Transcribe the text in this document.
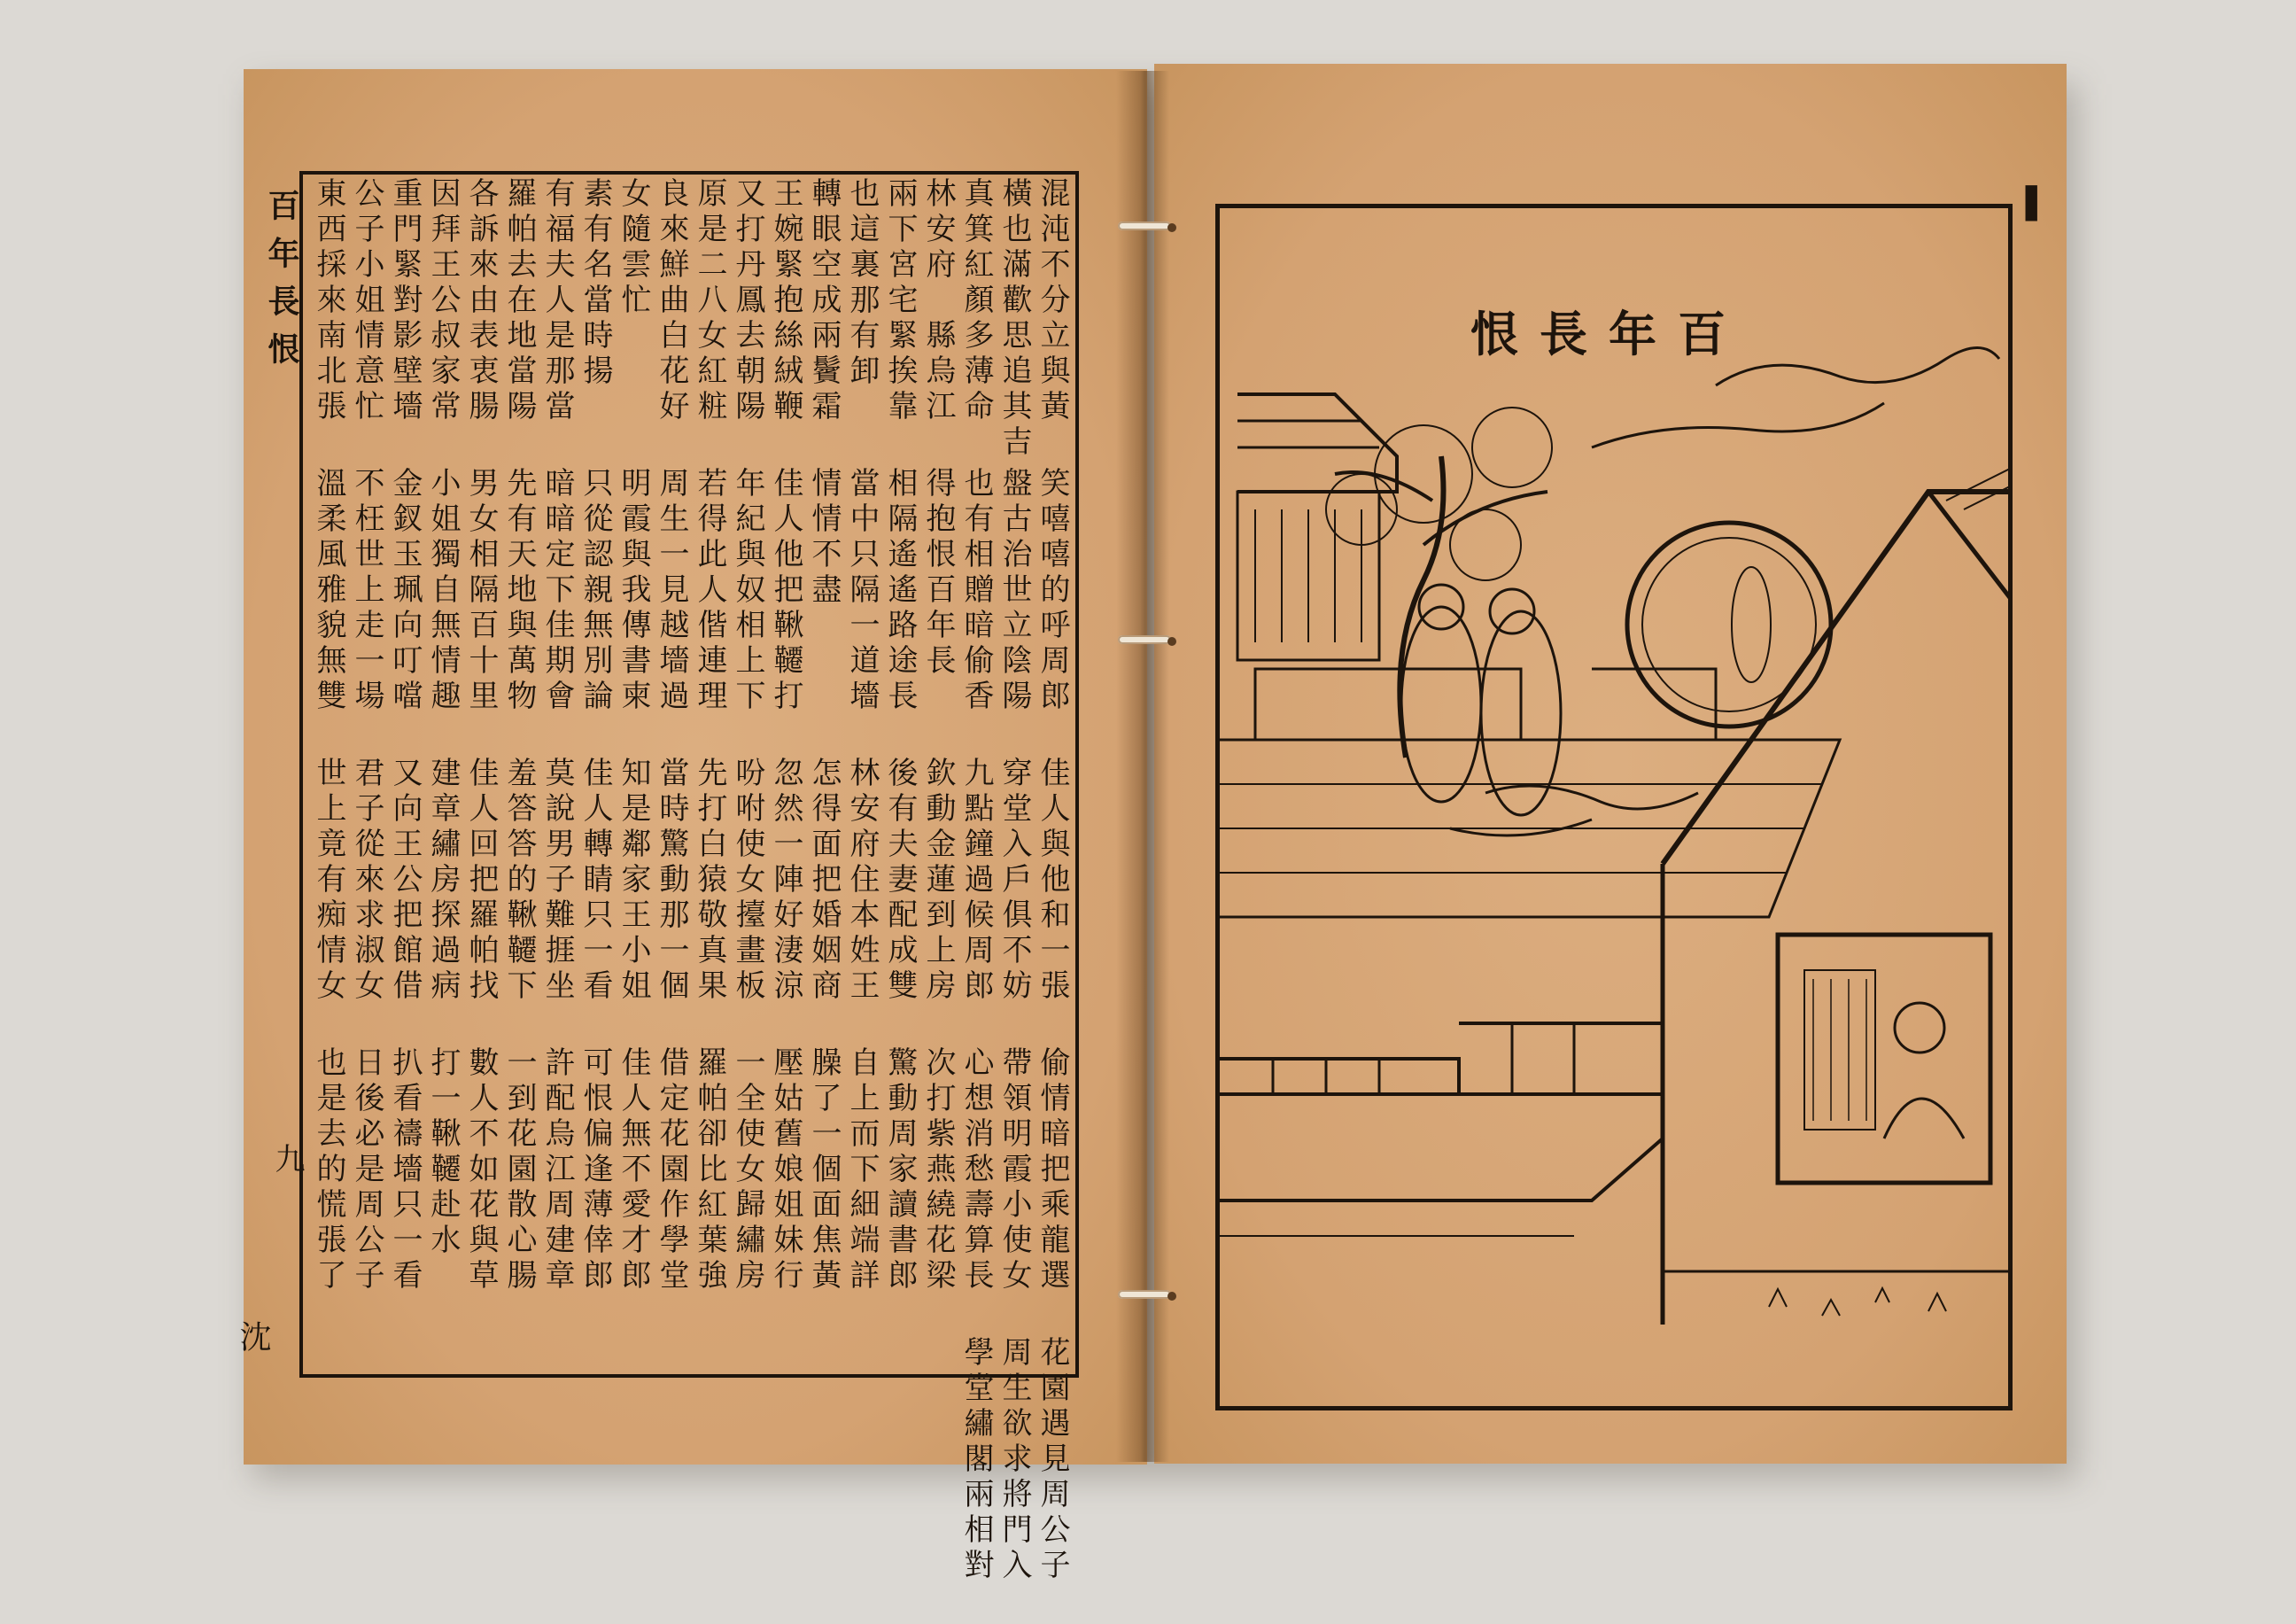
百年長恨
九
沈
混沌不分立與黃
橫也滿歡思追其吉
真箕紅顏多薄命
林安府　縣烏江
兩下宮宅緊挨靠
也這裏那有卸
轉眼空成兩鬢霜
王婉緊抱絲絨鞭
又打丹鳳去朝陽
原是二八女紅粧
良來鮮曲白花好
女隨雲忙
素有名當時揚
有福夫人是那當
羅帕去在地當陽
各訴來由表衷腸
因拜王公叔家常
重門緊對影壁墻
公子小姐情意忙
東西採來南北張
笑嘻嘻的呼周郎
盤古治世立陰陽
也有相贈暗偷香
得抱恨百年長
相隔遙遙路途長
當中只隔一道墻
情情不盡
佳人他把鞦韆打
年紀與奴相上下
若得此人偕連理
周生一見越墻過
明霞與我傳書柬
只從認親無別論
暗暗定下佳期會
先有天地與萬物
男女相隔百十里
小姐獨自無情趣
金釵玉珮向叮噹
不枉世上走一場
溫柔風雅貌無雙
佳人與他和一張
穿堂入戶俱不妨
九點鐘過候周郎
欽動金蓮到上房
後有夫妻配成雙
林安府住本姓王
怎得面把婚姻商
忽然一陣好淒涼
吩咐使女擡畫板
先打白猿敬真果
當時驚動那一個
知是鄰家王小姐
佳人轉睛只一看
莫說男子難捱坐
羞答答的鞦韆下
佳人回把羅帕找
建章繡房探過病
又向王公把館借
君子從來求淑女
世上竟有痴情女
偷情暗把乘龍選
帶領明霞小使女
心想消愁壽算長
次打紫燕繞花梁
驚動周家讀書郎
自上而下細端詳
臊了一個面焦黃
壓姑舊娘姐妹行
一全使女歸繡房
羅帕卻比紅葉強
借定花園作學堂
佳人無不愛才郎
可恨偏逢薄倖郎
許配烏江周建章
一到花園散心腸
數人不如花與草
打一鞦韆赴水
扒看禱墻只一看
日後必是周公子
也是去的慌張了
花園遇見周公子
周生欲求將門入
學堂繡閣兩相對
▌
百年長恨
